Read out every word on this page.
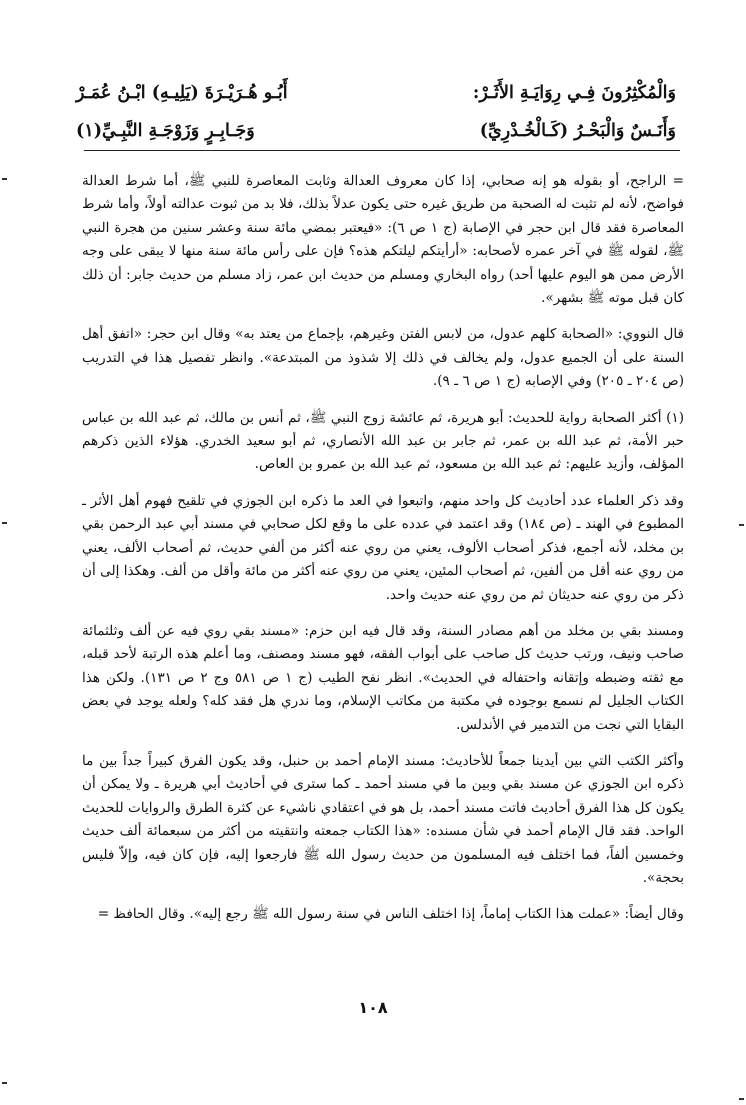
وَالْمُكْثِرُونَ فِـي رِوَايَـةِ الأَثَـرْ:
أَبُـو هُـرَيْـرَةَ (يَلِيـهِ) ابْـنُ عُمَـرْ
وَأَنَـسٌ وَالْبَحْـرُ (كَـالْخُـدْرِيِّ)
وَجَـابِـرٍ وَزَوْجَـةِ النَّبِـيِّ(١)

= الراجح، أو بقوله هو إنه صحابي، إذا كان معروف العدالة وثابت المعاصرة للنبي ﷺ، أما شرط العدالة فواضح، لأنه لم تثبت له الصحبة من طريق غيره حتى يكون عدلاً بذلك، فلا بد من ثبوت عدالته أولاً، وأما شرط المعاصرة فقد قال ابن حجر في الإصابة (ج ١ ص ٦): «فيعتبر بمضي مائة سنة وعشر سنين من هجرة النبي ﷺ، لقوله ﷺ في آخر عمره لأصحابه: «أرأيتكم ليلتكم هذه؟ فإن على رأس مائة سنة منها لا يبقى على وجه الأرض ممن هو اليوم عليها أحد) رواه البخاري ومسلم من حديث ابن عمر، زاد مسلم من حديث جابر: أن ذلك كان قبل موته ﷺ بشهر».

قال النووي: «الصحابة كلهم عدول، من لابس الفتن وغيرهم، بإجماع من يعتد به» وقال ابن حجر: «اتفق أهل السنة على أن الجميع عدول، ولم يخالف في ذلك إلا شذوذ من المبتدعة». وانظر تفصيل هذا في التدريب (ص ٢٠٤ ـ ٢٠٥) وفي الإصابه (ج ١ ص ٦ ـ ٩).

(١) أكثر الصحابة رواية للحديث: أبو هريرة، ثم عائشة زوج النبي ﷺ، ثم أنس بن مالك، ثم عبد الله بن عباس حبر الأمة، ثم عبد الله بن عمر، ثم جابر بن عبد الله الأنصاري، ثم أبو سعيد الخدري. هؤلاء الذين ذكرهم المؤلف، وأزيد عليهم: ثم عبد الله بن مسعود، ثم عبد الله بن عمرو بن العاص.

وقد ذكر العلماء عدد أحاديث كل واحد منهم، واتبعوا في العد ما ذكره ابن الجوزي في تلقيح فهوم أهل الأثر ـ المطبوع في الهند ـ (ص ١٨٤) وقد اعتمد في عدده على ما وقع لكل صحابي في مسند أبي عبد الرحمن بقي بن مخلد، لأنه أجمع، فذكر أصحاب الألوف، يعني من روي عنه أكثر من ألفي حديث، ثم أصحاب الألف، يعني من روي عنه أقل من ألفين، ثم أصحاب المئين، يعني من روي عنه أكثر من مائة وأقل من ألف. وهكذا إلى أن ذكر من روي عنه حديثان ثم من روي عنه حديث واحد.

ومسند بقي بن مخلد من أهم مصادر السنة، وقد قال فيه ابن حزم: «مسند بقي روي فيه عن ألف وثلثمائة صاحب ونيف، ورتب حديث كل صاحب على أبواب الفقه، فهو مسند ومصنف، وما أعلم هذه الرتبة لأحد قبله، مع ثقته وضبطه وإتقانه واحتفاله في الحديث». انظر نفح الطيب (ج ١ ص ٥٨١ وج ٢ ص ١٣١). ولكن هذا الكتاب الجليل لم نسمع بوجوده في مكتبة من مكاتب الإسلام، وما ندري هل فقد كله؟ ولعله يوجد في بعض البقايا التي نجت من التدمير في الأندلس.

وأكثر الكتب التي بين أيدينا جمعاً للأحاديث: مسند الإمام أحمد بن حنبل، وقد يكون الفرق كبيراً جداً بين ما ذكره ابن الجوزي عن مسند بقي وبين ما في مسند أحمد ـ كما سترى في أحاديث أبي هريرة ـ ولا يمكن أن يكون كل هذا الفرق أحاديث فاتت مسند أحمد، بل هو في اعتقادي ناشيء عن كثرة الطرق والروايات للحديث الواحد. فقد قال الإمام أحمد في شأن مسنده: «هذا الكتاب جمعته وانتقيته من أكثر من سبعمائة ألف حديث وخمسين ألفاً، فما اختلف فيه المسلمون من حديث رسول الله ﷺ فارجعوا إليه، فإن كان فيه، وإلاّ فليس بحجة».

وقال أيضاً: «عملت هذا الكتاب إماماً، إذا اختلف الناس في سنة رسول الله ﷺ رجع إليه». وقال الحافظ =

١٠٨
